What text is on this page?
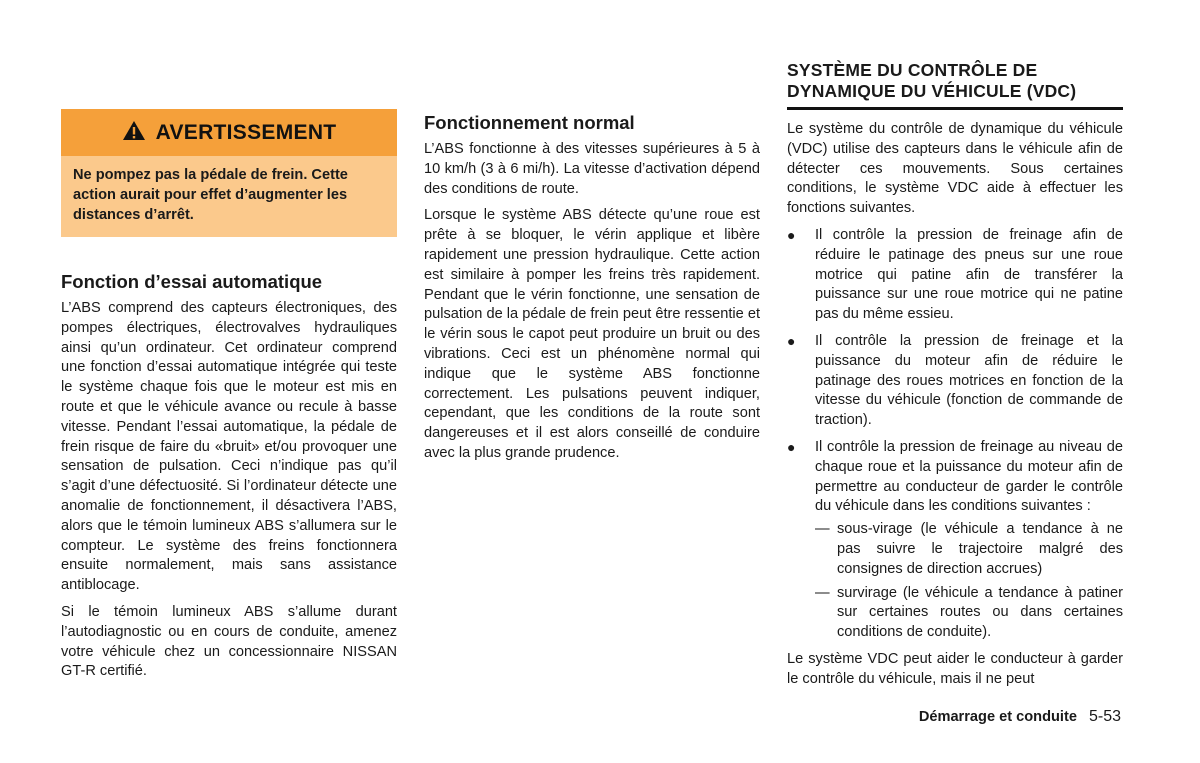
AVERTISSEMENT
Ne pompez pas la pédale de frein. Cette action aurait pour effet d’augmenter les distances d’arrêt.
Fonction d’essai automatique

L’ABS comprend des capteurs électroniques, des pompes électriques, électrovalves hydrauliques ainsi qu’un ordinateur. Cet ordinateur comprend une fonction d’essai automatique intégrée qui teste le système chaque fois que le moteur est mis en route et que le véhicule avance ou recule à basse vitesse. Pendant l’essai automatique, la pédale de frein risque de faire du «bruit» et/ou provoquer une sensation de pulsation. Ceci n’indique pas qu’il s’agit d’une défectuosité. Si l’ordinateur détecte une anomalie de fonctionnement, il désactivera l’ABS, alors que le témoin lumineux ABS s’allumera sur le compteur. Le système des freins fonctionnera ensuite normalement, mais sans assistance antiblocage.

Si le témoin lumineux ABS s’allume durant l’autodiagnostic ou en cours de conduite, amenez votre véhicule chez un concessionnaire NISSAN GT-R certifié.

Fonctionnement normal

L’ABS fonctionne à des vitesses supérieures à 5 à 10 km/h (3 à 6 mi/h). La vitesse d’activation dépend des conditions de route.

Lorsque le système ABS détecte qu’une roue est prête à se bloquer, le vérin applique et libère rapidement une pression hydraulique. Cette action est similaire à pomper les freins très rapidement. Pendant que le vérin fonctionne, une sensation de pulsation de la pédale de frein peut être ressentie et le vérin sous le capot peut produire un bruit ou des vibrations. Ceci est un phénomène normal qui indique que le système ABS fonctionne correctement. Les pulsations peuvent indiquer, cependant, que les conditions de la route sont dangereuses et il est alors conseillé de conduire avec la plus grande prudence.

SYSTÈME DU CONTRÔLE DE
DYNAMIQUE DU VÉHICULE (VDC)

Le système du contrôle de dynamique du véhicule (VDC) utilise des capteurs dans le véhicule afin de détecter ces mouvements. Sous certaines conditions, le système VDC aide à effectuer les fonctions suivantes.

● Il contrôle la pression de freinage afin de réduire le patinage des pneus sur une roue motrice qui patine afin de transférer la puissance sur une roue motrice qui ne patine pas du même essieu.

● Il contrôle la pression de freinage et la puissance du moteur afin de réduire le patinage des roues motrices en fonction de la vitesse du véhicule (fonction de commande de traction).

● Il contrôle la pression de freinage au niveau de chaque roue et la puissance du moteur afin de permettre au conducteur de garder le contrôle du véhicule dans les conditions suivantes :

— sous-virage (le véhicule a tendance à ne pas suivre le trajectoire malgré des consignes de direction accrues)

— survirage (le véhicule a tendance à patiner sur certaines routes ou dans certaines conditions de conduite).

Le système VDC peut aider le conducteur à garder le contrôle du véhicule, mais il ne peut

Démarrage et conduite 5-53
